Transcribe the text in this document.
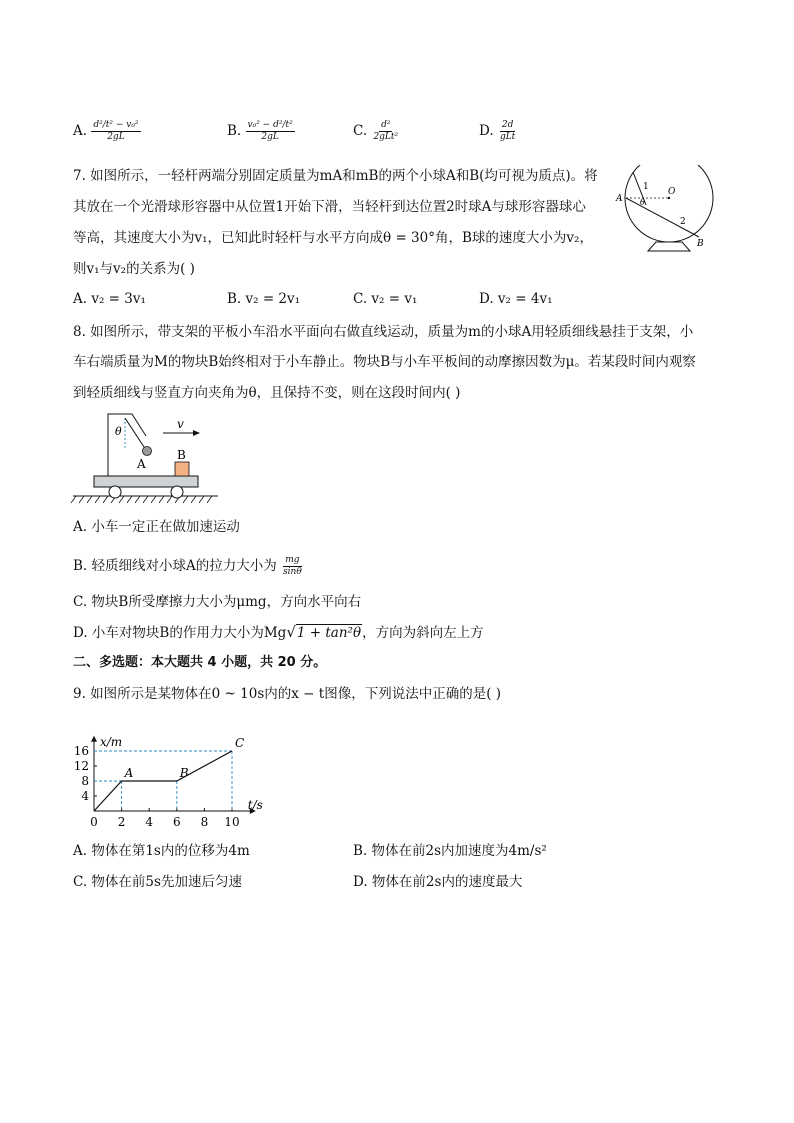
A. $\frac{\text{d²/t² − v₀²}}{2gL}$	B. $\frac{\text{v₀² − d²/t²}}{2gL}$	C. $\frac{\text{d²}}{\text{2gLt²}}$	D. $\frac{2d}{\text{gLt}}$
7. 如图所示，一轻杆两端分别固定质量为mA和mB的两个小球A和B(均可视为质点)。将
其放在一个光滑球形容器中从位置1开始下滑，当轻杆到达位置2时球A与球形容器球心
等高，其速度大小为v₁，已知此时轻杆与水平方向成θ = 30°角，B球的速度大小为v₂，
则v₁与v₂的关系为( )
1 O
A θ
2
B
A. v₂ = 3v₁	B. v₂ = 2v₁	C. v₂ = v₁	D. v₂ = 4v₁
8. 如图所示，带支架的平板小车沿水平面向右做直线运动，质量为m的小球A用轻质细线悬挂于支架，小
车右端质量为M的物块B始终相对于小车静止。物块B与小车平板间的动摩擦因数为μ。若某段时间内观察
到轻质细线与竖直方向夹角为θ，且保持不变，则在这段时间内( )
θ
A
B
v
A. 小车一定正在做加速运动
B. 轻质细线对小球A的拉力大小为 $\frac{mg}{\sin\theta}$
C. 物块B所受摩擦力大小为μmg，方向水平向右
D. 小车对物块B的作用力大小为Mg√1 + tan²θ，方向为斜向左上方
二、多选题：本大题共 4 小题，共 20 分。
9. 如图所示是某物体在0 ~ 10s内的x − t图像，下列说法中正确的是( )
x/m
t/s
0 2 4 6 8 10
4
8
12
16
A	B
C
A. 物体在第1s内的位移为4m	B. 物体在前2s内加速度为4m/s²
C. 物体在前5s先加速后匀速	D. 物体在前2s内的速度最大
